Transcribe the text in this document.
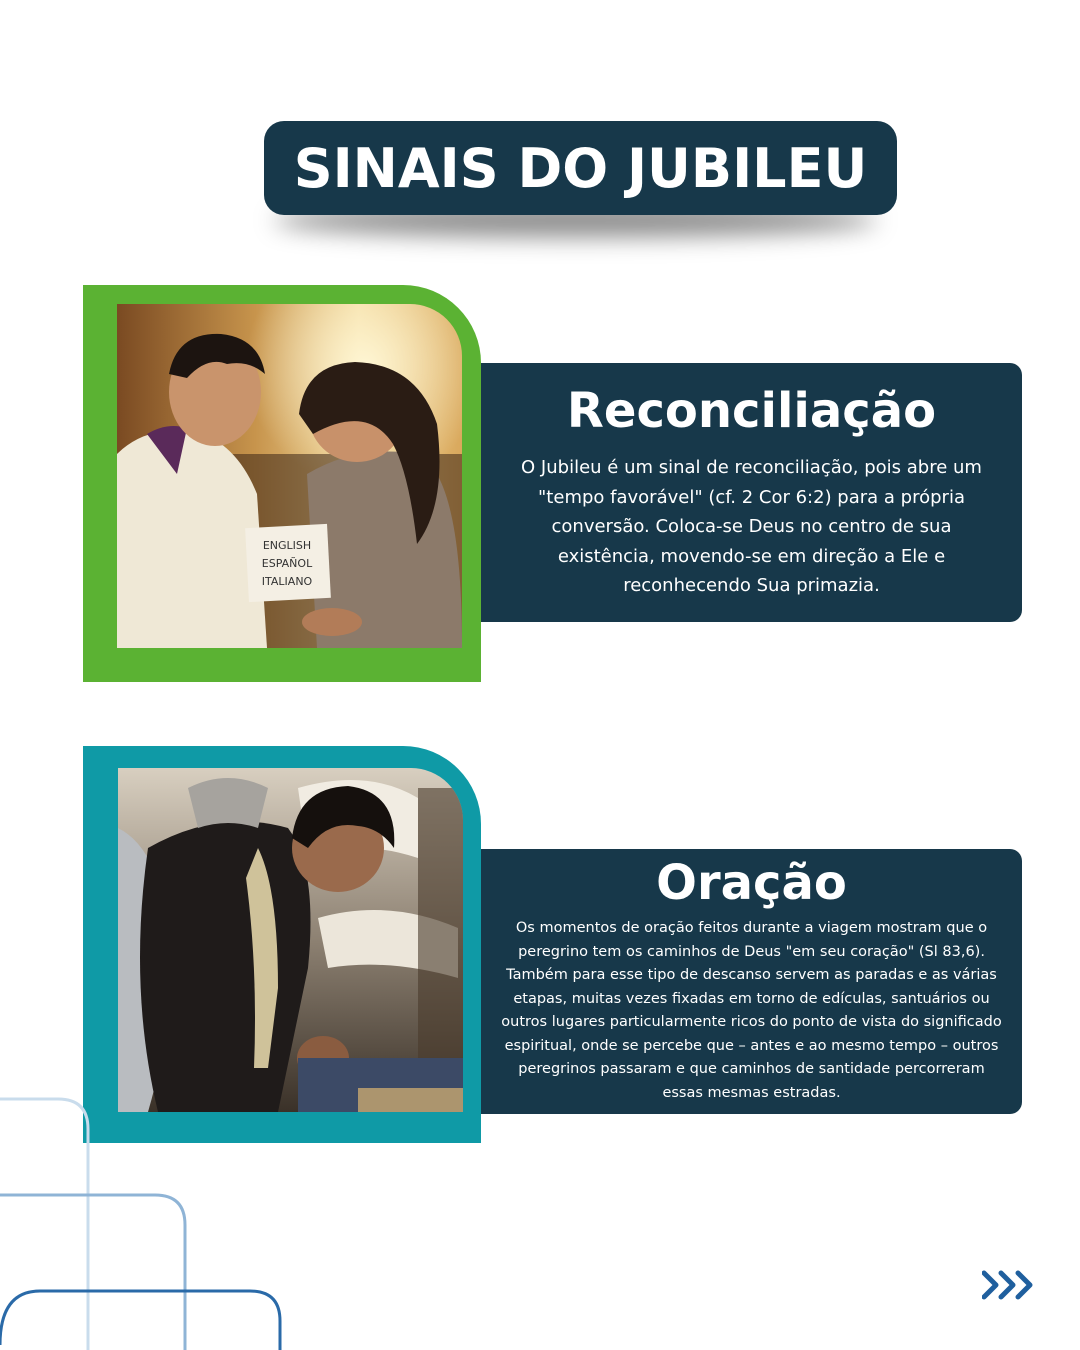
SINAIS DO JUBILEU
ENGLISH
ESPAÑOL
ITALIANO
Reconciliação

O Jubileu é um sinal de reconciliação, pois abre um "tempo favorável" (cf. 2 Cor 6:2) para a própria conversão. Coloca-se Deus no centro de sua existência, movendo-se em direção a Ele e reconhecendo Sua primazia.

Oração

Os momentos de oração feitos durante a viagem mostram que o peregrino tem os caminhos de Deus "em seu coração" (Sl 83,6). Também para esse tipo de descanso servem as paradas e as várias etapas, muitas vezes fixadas em torno de edículas, santuários ou outros lugares particularmente ricos do ponto de vista do significado espiritual, onde se percebe que – antes e ao mesmo tempo – outros peregrinos passaram e que caminhos de santidade percorreram essas mesmas estradas.
